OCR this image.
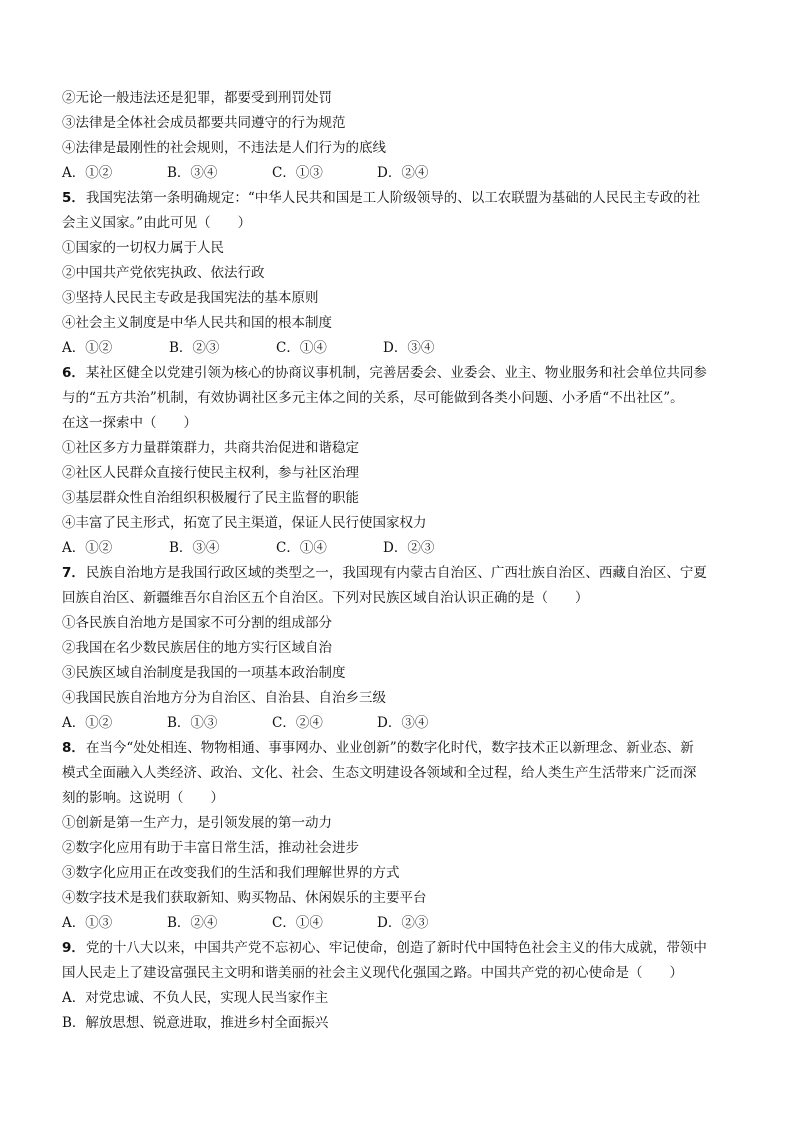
②无论一般违法还是犯罪，都要受到刑罚处罚
③法律是全体社会成员都要共同遵守的行为规范
④法律是最刚性的社会规则，不违法是人们行为的底线
A．①②	B．③④	C．①③	D．②④
5．我国宪法第一条明确规定：“中华人民共和国是工人阶级领导的、以工农联盟为基础的人民民主专政的社
会主义国家。”由此可见（　　）
①国家的一切权力属于人民
②中国共产党依宪执政、依法行政
③坚持人民民主专政是我国宪法的基本原则
④社会主义制度是中华人民共和国的根本制度
A．①②	B．②③	C．①④	D．③④
6．某社区健全以党建引领为核心的协商议事机制，完善居委会、业委会、业主、物业服务和社会单位共同参
与的“五方共治”机制，有效协调社区多元主体之间的关系，尽可能做到各类小问题、小矛盾“不出社区”。
在这一探索中（　　）
①社区多方力量群策群力，共商共治促进和谐稳定
②社区人民群众直接行使民主权利，参与社区治理
③基层群众性自治组织积极履行了民主监督的职能
④丰富了民主形式，拓宽了民主渠道，保证人民行使国家权力
A．①②	B．③④	C．①④	D．②③
7．民族自治地方是我国行政区域的类型之一，我国现有内蒙古自治区、广西壮族自治区、西藏自治区、宁夏
回族自治区、新疆维吾尔自治区五个自治区。下列对民族区域自治认识正确的是（　　）
①各民族自治地方是国家不可分割的组成部分
②我国在名少数民族居住的地方实行区域自治
③民族区域自治制度是我国的一项基本政治制度
④我国民族自治地方分为自治区、自治县、自治乡三级
A．①②	B．①③	C．②④	D．③④
8．在当今“处处相连、物物相通、事事网办、业业创新”的数字化时代，数字技术正以新理念、新业态、新
模式全面融入人类经济、政治、文化、社会、生态文明建设各领域和全过程，给人类生产生活带来广泛而深
刻的影响。这说明（　　）
①创新是第一生产力，是引领发展的第一动力
②数字化应用有助于丰富日常生活，推动社会进步
③数字化应用正在改变我们的生活和我们理解世界的方式
④数字技术是我们获取新知、购买物品、休闲娱乐的主要平台
A．①③	B．②④	C．①④	D．②③
9．党的十八大以来，中国共产党不忘初心、牢记使命，创造了新时代中国特色社会主义的伟大成就，带领中
国人民走上了建设富强民主文明和谐美丽的社会主义现代化强国之路。中国共产党的初心使命是（　　）
A．对党忠诚、不负人民，实现人民当家作主
B．解放思想、锐意进取，推进乡村全面振兴
